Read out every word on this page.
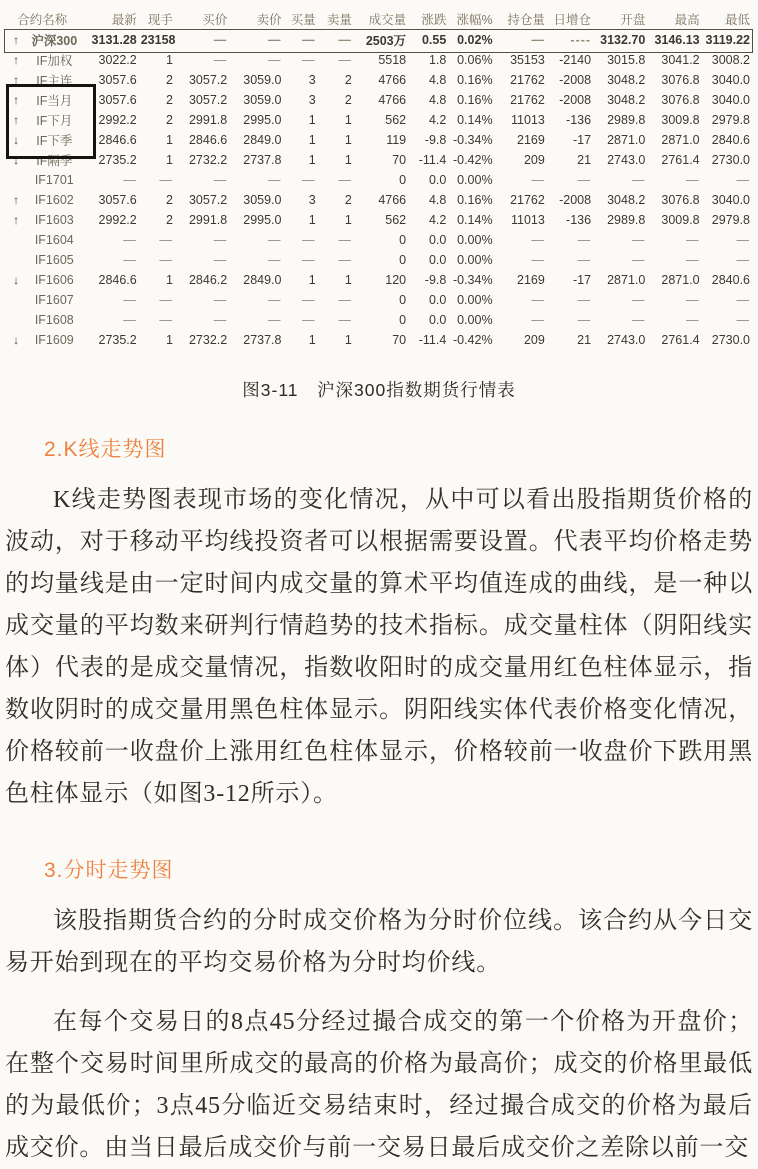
合约名称		最新	现手	买价	卖价	买量	卖量	成交量	涨跌	涨幅%	持仓量	日增仓	开盘	最高	最低
↑	沪深300	3131.28	23158	—	—	—	—	2503万	0.55	0.02%	—	----	3132.70	3146.13	3119.22
↑	IF加权	3022.2	1	—	—	—	—	5518	1.8	0.06%	35153	-2140	3015.8	3041.2	3008.2
↑	IF主连	3057.6	2	3057.2	3059.0	3	2	4766	4.8	0.16%	21762	-2008	3048.2	3076.8	3040.0
↑	IF当月	3057.6	2	3057.2	3059.0	3	2	4766	4.8	0.16%	21762	-2008	3048.2	3076.8	3040.0
↑	IF下月	2992.2	2	2991.8	2995.0	1	1	562	4.2	0.14%	11013	-136	2989.8	3009.8	2979.8
↓	IF下季	2846.6	1	2846.6	2849.0	1	1	119	-9.8	-0.34%	2169	-17	2871.0	2871.0	2840.6
↓	IF隔季	2735.2	1	2732.2	2737.8	1	1	70	-11.4	-0.42%	209	21	2743.0	2761.4	2730.0
	IF1701	—	—	—	—	—	—	0	0.0	0.00%	—	—	—	—	—
↑	IF1602	3057.6	2	3057.2	3059.0	3	2	4766	4.8	0.16%	21762	-2008	3048.2	3076.8	3040.0
↑	IF1603	2992.2	2	2991.8	2995.0	1	1	562	4.2	0.14%	11013	-136	2989.8	3009.8	2979.8
	IF1604	—	—	—	—	—	—	0	0.0	0.00%	—	—	—	—	—
	IF1605	—	—	—	—	—	—	0	0.0	0.00%	—	—	—	—	—
↓	IF1606	2846.6	1	2846.2	2849.0	1	1	120	-9.8	-0.34%	2169	-17	2871.0	2871.0	2840.6
	IF1607	—	—	—	—	—	—	0	0.0	0.00%	—	—	—	—	—
	IF1608	—	—	—	—	—	—	0	0.0	0.00%	—	—	—	—	—
↓	IF1609	2735.2	1	2732.2	2737.8	1	1	70	-11.4	-0.42%	209	21	2743.0	2761.4	2730.0
图3-11　沪深300指数期货行情表
2.K线走势图

K线走势图表现市场的变化情况，从中可以看出股指期货价格的波动，对于移动平均线投资者可以根据需要设置。代表平均价格走势的均量线是由一定时间内成交量的算术平均值连成的曲线，是一种以成交量的平均数来研判行情趋势的技术指标。成交量柱体（阴阳线实体）代表的是成交量情况，指数收阳时的成交量用红色柱体显示，指数收阴时的成交量用黑色柱体显示。阴阳线实体代表价格变化情况，价格较前一收盘价上涨用红色柱体显示，价格较前一收盘价下跌用黑色柱体显示（如图3-12所示）。

3.分时走势图

该股指期货合约的分时成交价格为分时价位线。该合约从今日交易开始到现在的平均交易价格为分时均价线。

在每个交易日的8点45分经过撮合成交的第一个价格为开盘价；在整个交易时间里所成交的最高的价格为最高价；成交的价格里最低的为最低价；3点45分临近交易结束时，经过撮合成交的价格为最后成交价。由当日最后成交价与前一交易日最后成交价之差除以前一交
